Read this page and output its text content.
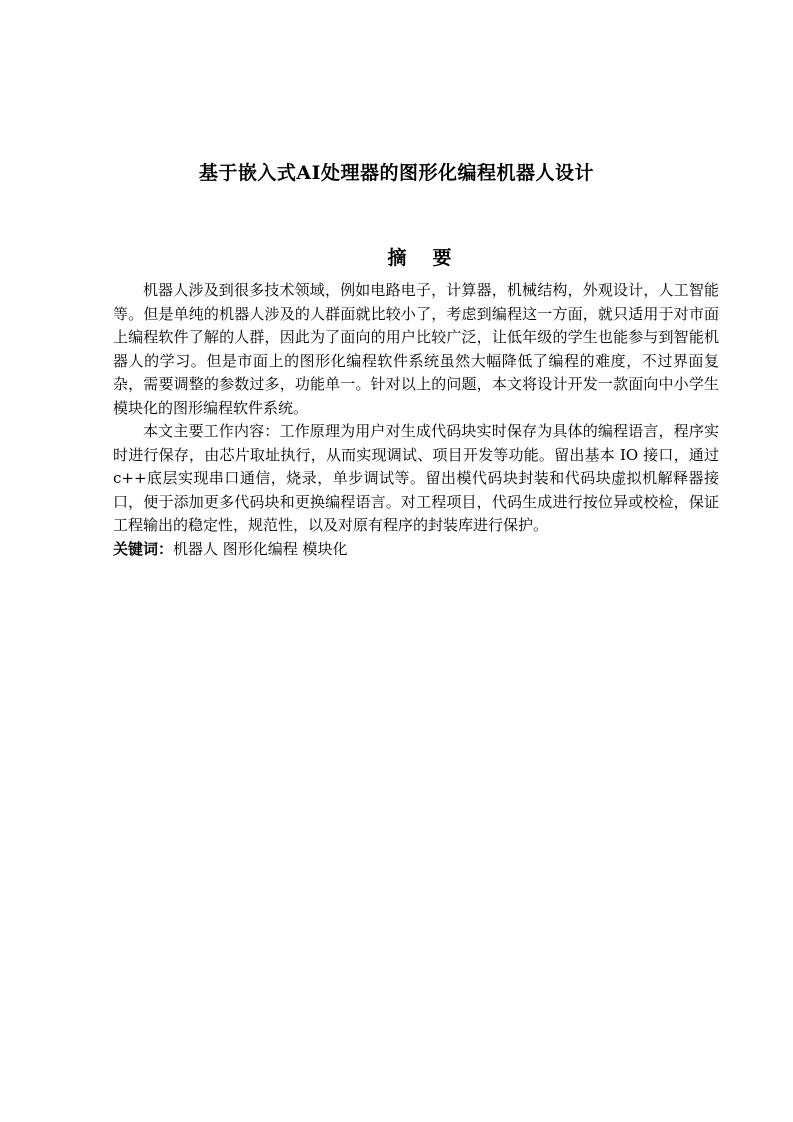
基于嵌入式AI处理器的图形化编程机器人设计
摘要

机器人涉及到很多技术领域，例如电路电子，计算器，机械结构，外观设计，人工智能等。但是单纯的机器人涉及的人群面就比较小了，考虑到编程这一方面，就只适用于对市面上编程软件了解的人群，因此为了面向的用户比较广泛，让低年级的学生也能参与到智能机器人的学习。但是市面上的图形化编程软件系统虽然大幅降低了编程的难度，不过界面复杂，需要调整的参数过多，功能单一。针对以上的问题，本文将设计开发一款面向中小学生模块化的图形编程软件系统。

本文主要工作内容：工作原理为用户对生成代码块实时保存为具体的编程语言，程序实时进行保存，由芯片取址执行，从而实现调试、项目开发等功能。留出基本 IO 接口，通过 c++底层实现串口通信，烧录，单步调试等。留出模代码块封装和代码块虚拟机解释器接口，便于添加更多代码块和更换编程语言。对工程项目，代码生成进行按位异或校检，保证工程输出的稳定性，规范性，以及对原有程序的封装库进行保护。

关键词：机器人 图形化编程 模块化
